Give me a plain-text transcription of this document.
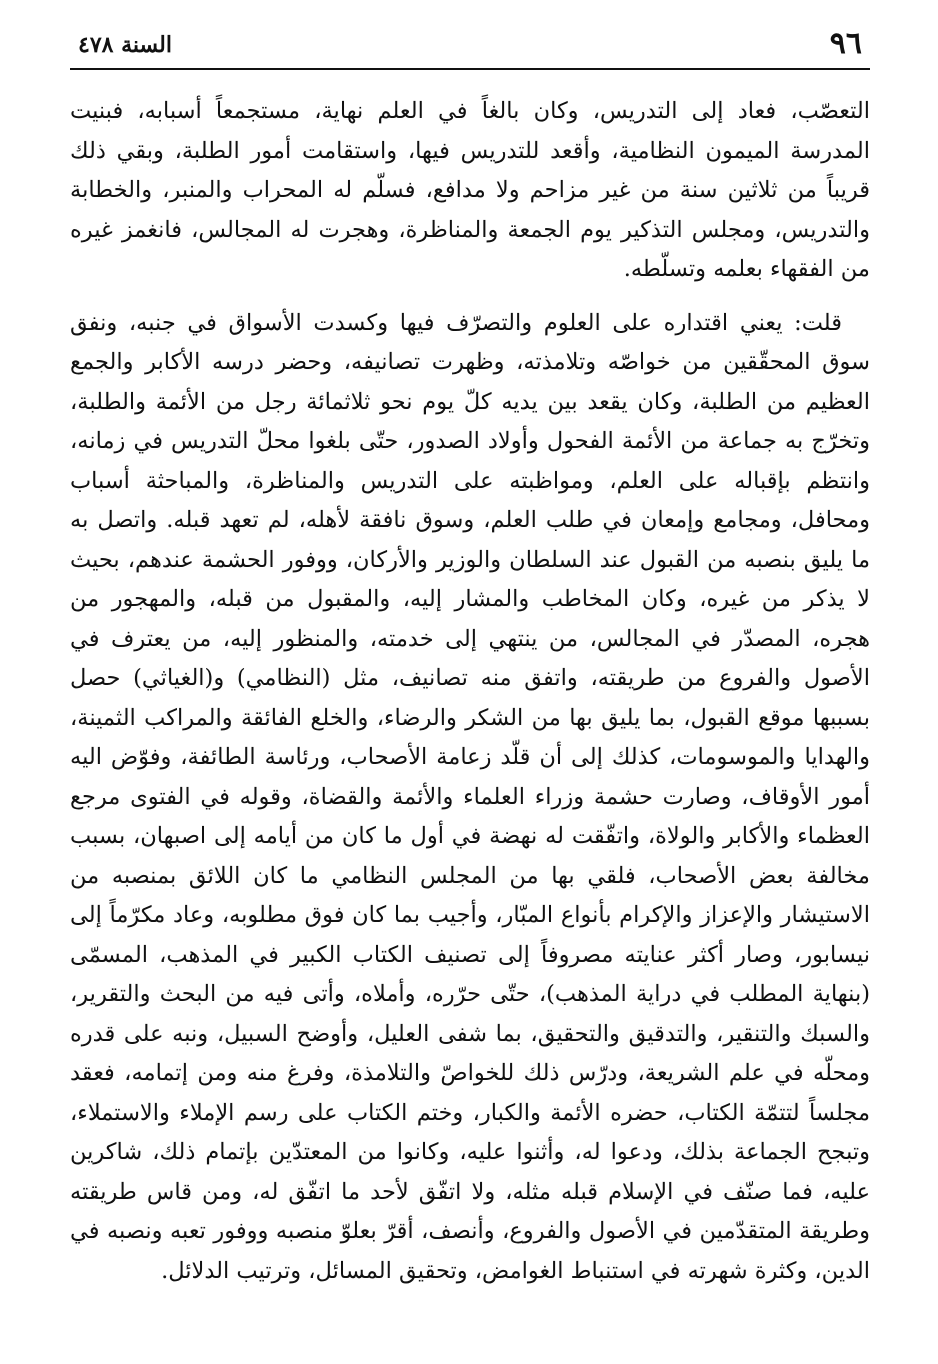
٩٦
السنة ٤٧٨

التعصّب، فعاد إلى التدريس، وكان بالغاً في العلم نهاية، مستجمعاً أسبابه، فبنيت المدرسة الميمون النظامية، وأقعد للتدريس فيها، واستقامت أمور الطلبة، وبقي ذلك قريباً من ثلاثين سنة من غير مزاحم ولا مدافع، فسلّم له المحراب والمنبر، والخطابة والتدريس، ومجلس التذكير يوم الجمعة والمناظرة، وهجرت له المجالس، فانغمز غيره من الفقهاء بعلمه وتسلّطه.

قلت: يعني اقتداره على العلوم والتصرّف فيها وكسدت الأسواق في جنبه، ونفق سوق المحقّقين من خواصّه وتلامذته، وظهرت تصانيفه، وحضر درسه الأكابر والجمع العظيم من الطلبة، وكان يقعد بين يديه كلّ يوم نحو ثلاثمائة رجل من الأئمة والطلبة، وتخرّج به جماعة من الأئمة الفحول وأولاد الصدور، حتّى بلغوا محلّ التدريس في زمانه، وانتظم بإقباله على العلم، ومواظبته على التدريس والمناظرة، والمباحثة أسباب ومحافل، ومجامع وإمعان في طلب العلم، وسوق نافقة لأهله، لم تعهد قبله. واتصل به ما يليق بنصبه من القبول عند السلطان والوزير والأركان، ووفور الحشمة عندهم، بحيث لا يذكر من غيره، وكان المخاطب والمشار إليه، والمقبول من قبله، والمهجور من هجره، المصدّر في المجالس، من ينتهي إلى خدمته، والمنظور إليه، من يعترف في الأصول والفروع من طريقته، واتفق منه تصانيف، مثل (النظامي) و(الغياثي) حصل بسببها موقع القبول، بما يليق بها من الشكر والرضاء، والخلع الفائقة والمراكب الثمينة، والهدايا والموسومات، كذلك إلى أن قلّد زعامة الأصحاب، ورئاسة الطائفة، وفوّض اليه أمور الأوقاف، وصارت حشمة وزراء العلماء والأئمة والقضاة، وقوله في الفتوى مرجع العظماء والأكابر والولاة، واتفّقت له نهضة في أول ما كان من أيامه إلى اصبهان، بسبب مخالفة بعض الأصحاب، فلقي بها من المجلس النظامي ما كان اللائق بمنصبه من الاستيشار والإعزاز والإكرام بأنواع المبّار، وأجيب بما كان فوق مطلوبه، وعاد مكرّماً إلى نيسابور، وصار أكثر عنايته مصروفاً إلى تصنيف الكتاب الكبير في المذهب، المسمّى (بنهاية المطلب في دراية المذهب)، حتّى حرّره، وأملاه، وأتى فيه من البحث والتقرير، والسبك والتنقير، والتدقيق والتحقيق، بما شفى العليل، وأوضح السبيل، ونبه على قدره ومحلّه في علم الشريعة، ودرّس ذلك للخواصّ والتلامذة، وفرغ منه ومن إتمامه، فعقد مجلساً لتتمّة الكتاب، حضره الأئمة والكبار، وختم الكتاب على رسم الإملاء والاستملاء، وتبجح الجماعة بذلك، ودعوا له، وأثنوا عليه، وكانوا من المعتدّين بإتمام ذلك، شاكرين عليه، فما صنّف في الإسلام قبله مثله، ولا اتفّق لأحد ما اتفّق له، ومن قاس طريقته وطريقة المتقدّمين في الأصول والفروع، وأنصف، أقرّ بعلوّ منصبه ووفور تعبه ونصبه في الدين، وكثرة شهرته في استنباط الغوامض، وتحقيق المسائل، وترتيب الدلائل.
